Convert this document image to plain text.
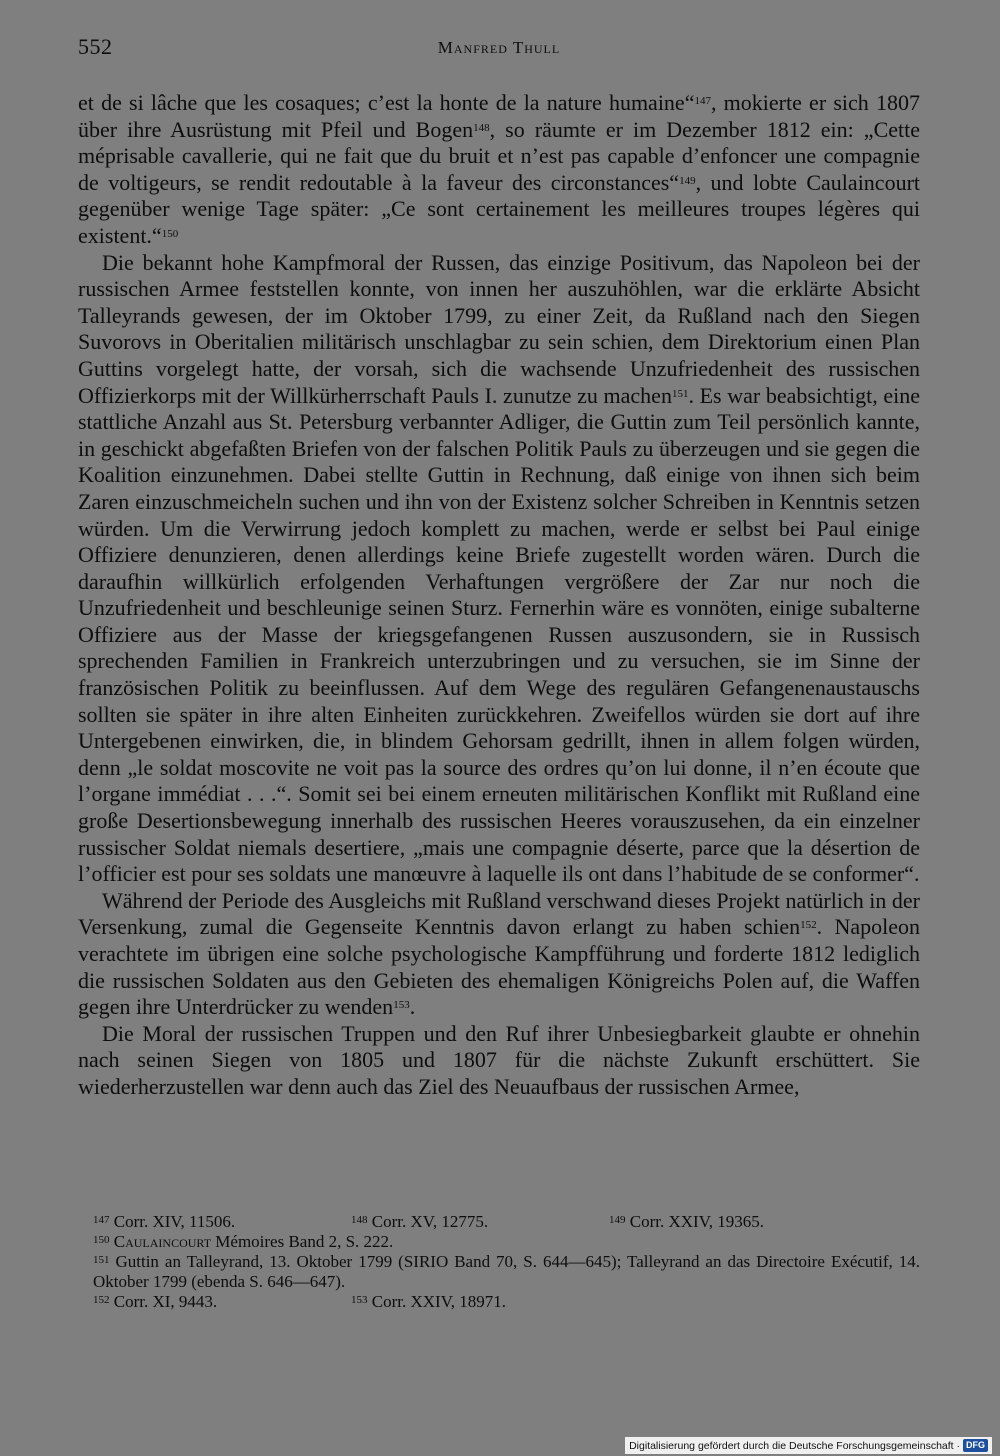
552	Manfred Thull

et de si lâche que les cosaques; c’est la honte de la nature humaine“$^{147}$, mokierte er sich 1807 über ihre Ausrüstung mit Pfeil und Bogen$^{148}$, so räumte er im Dezember 1812 ein: „Cette méprisable cavallerie, qui ne fait que du bruit et n’est pas capable d’enfoncer une compagnie de voltigeurs, se rendit redoutable à la faveur des circonstances“$^{149}$, und lobte Caulaincourt gegenüber wenige Tage später: „Ce sont certainement les meilleures troupes légères qui existent.“$^{150}$

Die bekannt hohe Kampfmoral der Russen, das einzige Positivum, das Napoleon bei der russischen Armee feststellen konnte, von innen her auszuhöhlen, war die erklärte Absicht Talleyrands gewesen, der im Oktober 1799, zu einer Zeit, da Rußland nach den Siegen Suvorovs in Oberitalien militärisch unschlagbar zu sein schien, dem Direktorium einen Plan Guttins vorgelegt hatte, der vorsah, sich die wachsende Unzufriedenheit des russischen Offizierkorps mit der Willkürherrschaft Pauls I. zunutze zu machen$^{151}$. Es war beabsichtigt, eine stattliche Anzahl aus St. Petersburg verbannter Adliger, die Guttin zum Teil persönlich kannte, in geschickt abgefaßten Briefen von der falschen Politik Pauls zu überzeugen und sie gegen die Koalition einzunehmen. Dabei stellte Guttin in Rechnung, daß einige von ihnen sich beim Zaren einzuschmeicheln suchen und ihn von der Existenz solcher Schreiben in Kenntnis setzen würden. Um die Verwirrung jedoch komplett zu machen, werde er selbst bei Paul einige Offiziere denunzieren, denen allerdings keine Briefe zugestellt worden wären. Durch die daraufhin willkürlich erfolgenden Verhaftungen vergrößere der Zar nur noch die Unzufriedenheit und beschleunige seinen Sturz. Fernerhin wäre es vonnöten, einige subalterne Offiziere aus der Masse der kriegsgefangenen Russen auszusondern, sie in Russisch sprechenden Familien in Frankreich unterzubringen und zu versuchen, sie im Sinne der französischen Politik zu beeinflussen. Auf dem Wege des regulären Gefangenenaustauschs sollten sie später in ihre alten Einheiten zurückkehren. Zweifellos würden sie dort auf ihre Untergebenen einwirken, die, in blindem Gehorsam gedrillt, ihnen in allem folgen würden, denn „le soldat moscovite ne voit pas la source des ordres qu’on lui donne, il n’en écoute que l’organe immédiat . . .“. Somit sei bei einem erneuten militärischen Konflikt mit Rußland eine große Desertionsbewegung innerhalb des russischen Heeres vorauszusehen, da ein einzelner russischer Soldat niemals desertiere, „mais une compagnie déserte, parce que la désertion de l’officier est pour ses soldats une manœuvre à laquelle ils ont dans l’habitude de se conformer“.

Während der Periode des Ausgleichs mit Rußland verschwand dieses Projekt natürlich in der Versenkung, zumal die Gegenseite Kenntnis davon erlangt zu haben schien$^{152}$. Napoleon verachtete im übrigen eine solche psychologische Kampfführung und forderte 1812 lediglich die russischen Soldaten aus den Gebieten des ehemaligen Königreichs Polen auf, die Waffen gegen ihre Unterdrücker zu wenden$^{153}$.

Die Moral der russischen Truppen und den Ruf ihrer Unbesiegbarkeit glaubte er ohnehin nach seinen Siegen von 1805 und 1807 für die nächste Zukunft erschüttert. Sie wiederherzustellen war denn auch das Ziel des Neuaufbaus der russischen Armee,

$^{147}$ Corr. XIV, 11506.	$^{148}$ Corr. XV, 12775.	$^{149}$ Corr. XXIV, 19365.

$^{150}$ Caulaincourt Mémoires Band 2, S. 222.

$^{151}$ Guttin an Talleyrand, 13. Oktober 1799 (SIRIO Band 70, S. 644—645); Talleyrand an das Directoire Exécutif, 14. Oktober 1799 (ebenda S. 646—647).

$^{152}$ Corr. XI, 9443.	$^{153}$ Corr. XXIV, 18971.
Digitalisierung gefördert durch die Deutsche Forschungsgemeinschaft · DFG
